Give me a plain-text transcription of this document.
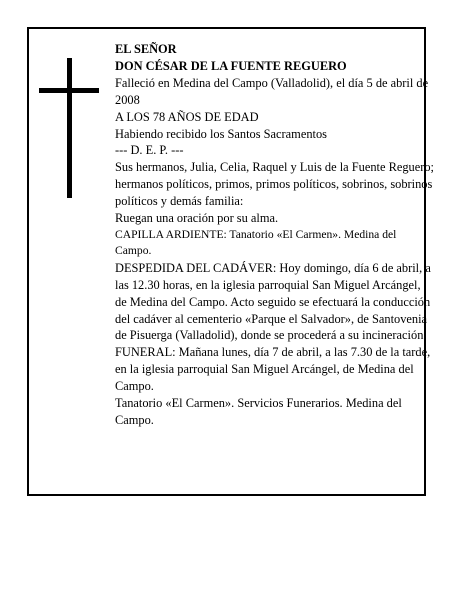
EL SEÑOR

DON CÉSAR DE LA FUENTE REGUERO

Falleció en Medina del Campo (Valladolid), el día 5 de abril de 2008

A LOS 78 AÑOS DE EDAD

Habiendo recibido los Santos Sacramentos

--- D. E. P. ---

Sus hermanos, Julia, Celia, Raquel y Luis de la Fuente Reguero; hermanos políticos, primos, primos políticos, sobrinos, sobrinos políticos y demás familia:

Ruegan una oración por su alma.

CAPILLA ARDIENTE: Tanatorio «El Carmen». Medina del Campo.

DESPEDIDA DEL CADÁVER: Hoy domingo, día 6 de abril, a las 12.30 horas, en la iglesia parroquial San Miguel Arcángel, de Medina del Campo. Acto seguido se efectuará la conducción del cadáver al cementerio «Parque el Salvador», de Santovenia de Pisuerga (Valladolid), donde se procederá a su incineración.

FUNERAL: Mañana lunes, día 7 de abril, a las 7.30 de la tarde, en la iglesia parroquial San Miguel Arcángel, de Medina del Campo.

Tanatorio «El Carmen». Servicios Funerarios. Medina del Campo.
